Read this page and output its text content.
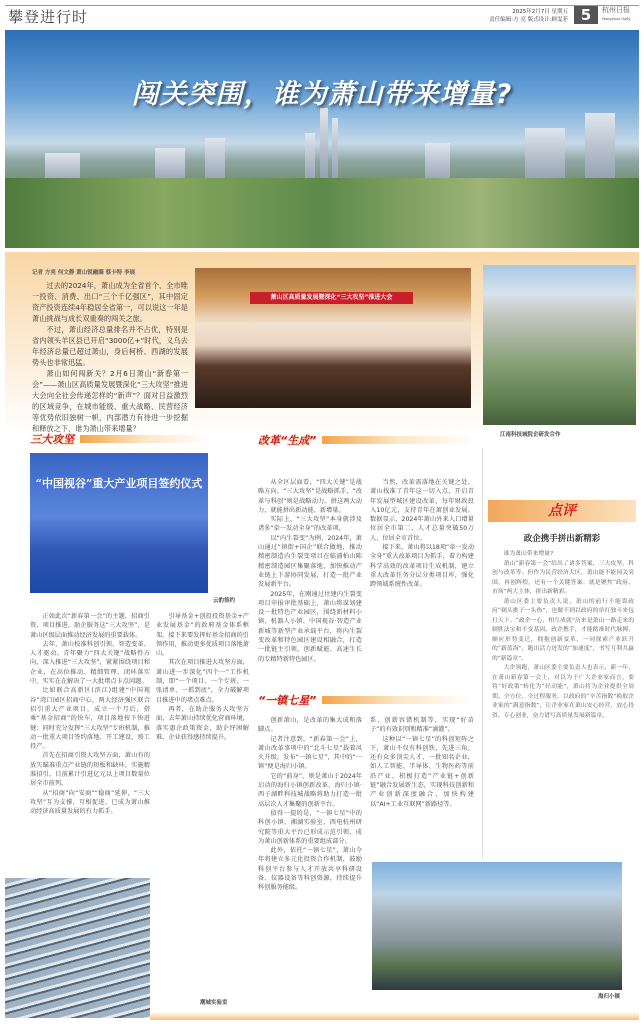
攀登进行时	2025年2月7日 星期五
责任编辑:方 亮 版式设计:顾雯菲 5	杭州日报
Hangzhou Daily
闯关突围，谁为萧山带来增量?
记者 方亮 何文静 萧山锐融圈 蔡卡特 李展

过去的2024年，萧山成为全省首个、全市唯一投资、消费、出口“三个千亿强区”，其中固定资产投资连续4年稳居全省第一，可以说这一年是萧山挑战与成长双重奏的闯关之旅。

不过，萧山经济总量排名并不占优，特别是省内领头羊区县已开启“3000亿+”时代，义乌去年经济总量已超过萧山，身后柯桥、西湖的发展势头也非常迅猛。

萧山如何闯新关？2月6日萧山“新春第一会”——萧山区高质量发展暨深化“三大攻坚”推进大会向全社会传递怎样的“新声”？面对日益激烈的区域竞争，在城市能级、重大战略、民营经济等优势依旧独树一帜，内部潜力有待进一步挖掘和释放之下，谁为萧山带来增量？

萧山区高质量发展暨深化“三大攻坚”推进大会
江南科技城院企研发合作
三大攻坚
“中国视谷”重大产业项目签约仪式
云豹签约

正如此次“新春第一会”的主题，招商引资、项目推进、助企服务这“三大攻坚”，是萧山区级层面推动经济发展的重要载体。

去年，萧山校准科创引领、智造变革、人才驱动、青年聚力“四大关键”战略性方向，深入推进“三大攻坚”，紧紧围绕项目和企业，在高位推动、精细管理、闭环落实中，实实在在解决了一大批堵点卡点问题。

比如联合高新区(滨江)组建“中国视谷”湾口园区招商中心，两大经济强区联合招引重大产业项目。成立一个月后，搭乘“基金招商”的快车，项目落地按下快进键；同时充分发挥“三大攻坚”专班机制，推动一批重大项目签约落地、开工建设、竣工投产。

首先在招商引资大攻坚方面，萧山有的放矢瞄准重点产业链的短板和缺环，实施精准招引，目前累计引进亿元以上项目数量位居全市前列。

从“招商”向“安商”“稳商”延伸，“三大攻坚”互为支撑、互相促进，已成为萧山推动经济高质量发展的有力抓手。

引导基金+创投投资基金+产业发展基金”的政府基金体系框架。接下来要发挥好基金招商的引领作用，推动更多优质项目落地萧山。

其次在项目推进大攻坚方面，萧山进一步深化“四个一”工作机制，即“一个项目、一个专班、一张清单、一抓到底”，全力破解项目推进中的堵点难点。

再者，在助企服务大攻坚方面，去年萧山持续优化营商环境，落实惠企政策资金，助企纾困解难，企业获得感持续提升。

潮城实验室
改革“生成”

从全区层面看，“四大关键”是战略方向，“三大攻坚”是战略抓手，“改革与科创”则是战略动力。拼这两大动力，就能拼出新动能、新增量。

实际上，“三大攻坚”本身就涉及诸多“牵一发动全身”的改革项。

以“内生裂变”为例，2024年，萧山通过“镇街+国企”联合做地，推动精密制造内生裂变项目在临浦柏山陈精密制造园区集聚落地，加快推动产业链上下游协同发展，打造一批产业发展新平台。

2025年，在刚通过住建内生裂变项目申报审批基础上，萧山将谋划建设一批特色产业园区，围绕新材料小镇、机器人小镇、中国视谷·智造产业新城等新型产业承载平台，将内生裂变改革和特色园区建设相融合，打造一批链主引领、创新赋能、高速生长的专精特新特色园区。

当然，改革需落地在关键之处。萧山找准了青年这一切入点，开启青年发展型城区建设改革，每年财政投入10亿元，支持青年在萧创业发展。数据显示，2024年萧山外来人口增量位居全市第二，人才总量突破50万人，位居全市首位。

接下来，萧山将以18项“牵一发动全身”重大改革项目为抓手，着力构建科学高效的改革项目生成机制，建立重大改革任务分层分类项目库，强化跨领域系统性改革。

“一镇七星”

创新萧山，是改革的集大成和落脚点。

记者注意到，“新春第一会”上，萧山改革事项中的“北斗七星”载着风火升级，发布“一镇七星”，其中的“一镇”便是海归小镇。

它的“前身”，则是萧山于2024年启动的海归小镇创新改革，海归小镇·西子湖畔科技城战略将助力打造一批高层次人才集聚的创新平台。

值得一提的是，“一镇七星”中的科创小镇、湘湖实验室、西电杭州研究院等重大平台已形成示范引领，成为萧山创新体系的重要组成部分。

此外，依托“一镇七星”，萧山今年将建立多元化投资合作机制，鼓励科创平台参与人才开放共享科研设备、仪器设备等科创资源，持续提升科创服务能级。

系，创新容错机制等，实现“好苗子”的有效识别和精准“滴灌”。

这种以“一镇七星”的科创矩阵之下，萧山不仅有科创铁，先进三角，还有众多顶尖人才，一批知名企业，如人工智能、半导体、生物医药等前沿产业，积极打造“产业链+创新链”融合发展新生态，实现科技创新和产业创新深度融合，加快构建以“AI+工业互联网”新路径等。

海归小镇
点评
政企携手拼出新精彩

谁为萧山带来增量?

萧山“新春第一会”给出了诸多答案，三大攻坚、科创与改革等。但作为民营经济大区，萧山能不能闯关突围，再创辉煌，还有一个关键答案：就是聚焦“政府、市场”两大主体，拼出新精彩。

萧山区委主要负责人说，萧山的前行不能靠政府“剃头挑子一头热”，也做不到以政府的单打独斗来包打天下。“政企一心、相互成就”历来是萧山一路走来的制胜法宝和不变基因。政企携手，才能踏准时代脉搏，顺应形势变迁，拥抱创新变革，一同探索产业跃升的“新蓝海”，跑出活力迸发的“加速度”，书写互利共赢的“新篇章”。

大企领跑，萧山区委主要负责人也表示，新一年，在萧山新春第一会上，对以为于广大企业家而言，要将“好政策”转化为“好动能”，萧山将为企业提供全周期、全方位、全过程服务，以政府的“辛苦指数”换取企业家的“满意指数”，让企业家在萧山安心经营、放心投资、专心创业，奋力谱写高质量发展新篇章。
